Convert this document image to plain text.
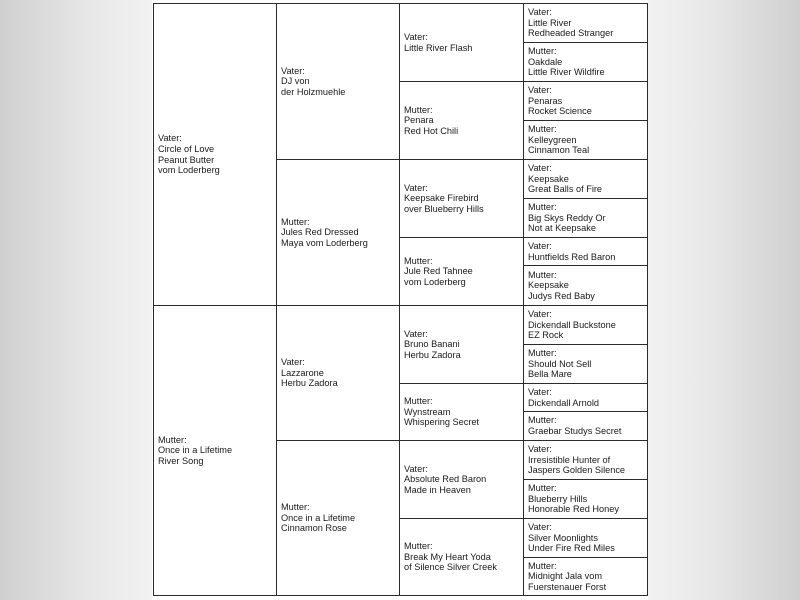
Vater:
Circle of Love
Peanut Butter
vom Loderberg	Vater:
DJ von
der Holzmuehle	Vater:
Little River Flash	Vater:
Little River
Redheaded Stranger

			Mutter:
Oakdale
Little River Wildfire

		Mutter:
Penara
Red Hot Chili	Vater:
Penaras
Rocket Science

			Mutter:
Kelleygreen
Cinnamon Teal

	Mutter:
Jules Red Dressed
Maya vom Loderberg	Vater:
Keepsake Firebird
over Blueberry Hills	Vater:
Keepsake
Great Balls of Fire

			Mutter:
Big Skys Reddy Or
Not at Keepsake

		Mutter:
Jule Red Tahnee
vom Loderberg	Vater:
Huntfields Red Baron

			Mutter:
Keepsake
Judys Red Baby

Mutter:
Once in a Lifetime
River Song	Vater:
Lazzarone
Herbu Zadora	Vater:
Bruno Banani
Herbu Zadora	Vater:
Dickendall Buckstone
EZ Rock

			Mutter:
Should Not Sell
Bella Mare

		Mutter:
Wynstream
Whispering Secret	Vater:
Dickendall Arnold

			Mutter:
Graebar Studys Secret

	Mutter:
Once in a Lifetime
Cinnamon Rose	Vater:
Absolute Red Baron
Made in Heaven	Vater:
Irresistible Hunter of
Jaspers Golden Silence

			Mutter:
Blueberry Hills
Honorable Red Honey

		Mutter:
Break My Heart Yoda
of Silence Silver Creek	Vater:
Silver Moonlights
Under Fire Red Miles

			Mutter:
Midnight Jala vom
Fuerstenauer Forst
